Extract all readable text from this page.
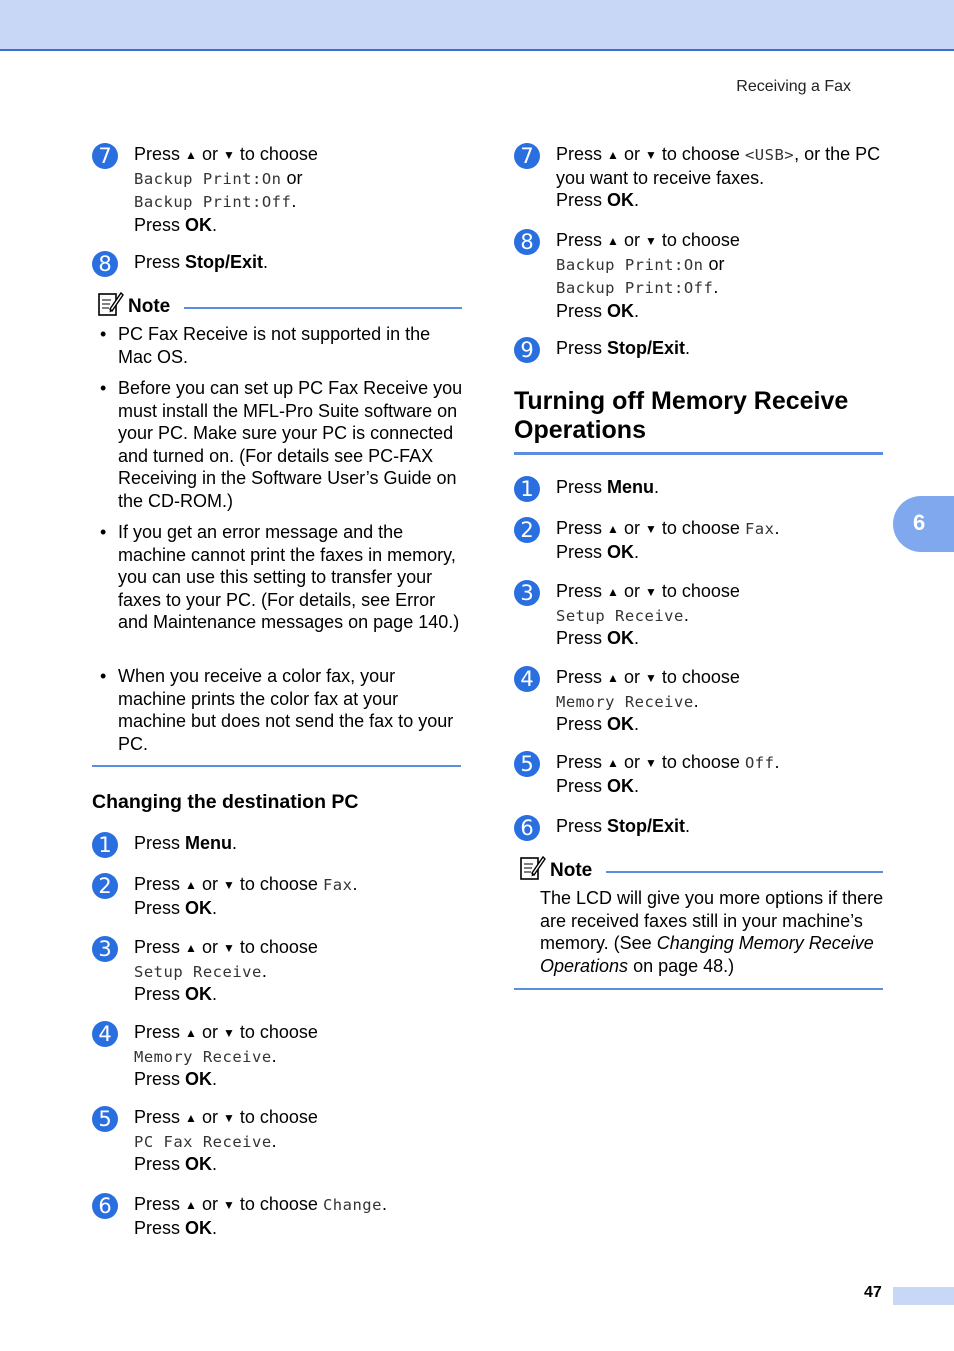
Receiving a Fax
7	Press ▲ or ▼ to choose
Backup Print:On or
Backup Print:Off.
Press OK.
8	Press Stop/Exit.
Note
• PC Fax Receive is not supported in the Mac OS.
• Before you can set up PC Fax Receive you must install the MFL-Pro Suite software on your PC. Make sure your PC is connected and turned on. (For details see PC-FAX Receiving in the Software User’s Guide on the CD-ROM.)
• If you get an error message and the machine cannot print the faxes in memory, you can use this setting to transfer your faxes to your PC. (For details, see Error and Maintenance messages on page 140.)
• When you receive a color fax, your machine prints the color fax at your machine but does not send the fax to your PC.
Changing the destination PC
1	Press Menu.
2	Press ▲ or ▼ to choose Fax.
Press OK.
3	Press ▲ or ▼ to choose
Setup Receive.
Press OK.
4	Press ▲ or ▼ to choose
Memory Receive.
Press OK.
5	Press ▲ or ▼ to choose
PC Fax Receive.
Press OK.
6	Press ▲ or ▼ to choose Change.
Press OK.
7	Press ▲ or ▼ to choose <USB>, or the PC
you want to receive faxes.
Press OK.
8	Press ▲ or ▼ to choose
Backup Print:On or
Backup Print:Off.
Press OK.
9	Press Stop/Exit.
Turning off Memory Receive
Operations
1	Press Menu.
2	Press ▲ or ▼ to choose Fax.
Press OK.
3	Press ▲ or ▼ to choose
Setup Receive.
Press OK.
4	Press ▲ or ▼ to choose
Memory Receive.
Press OK.
5	Press ▲ or ▼ to choose Off.
Press OK.
6	Press Stop/Exit.
Note
The LCD will give you more options if there are received faxes still in your machine’s memory. (See Changing Memory Receive Operations on page 48.)
6
47
